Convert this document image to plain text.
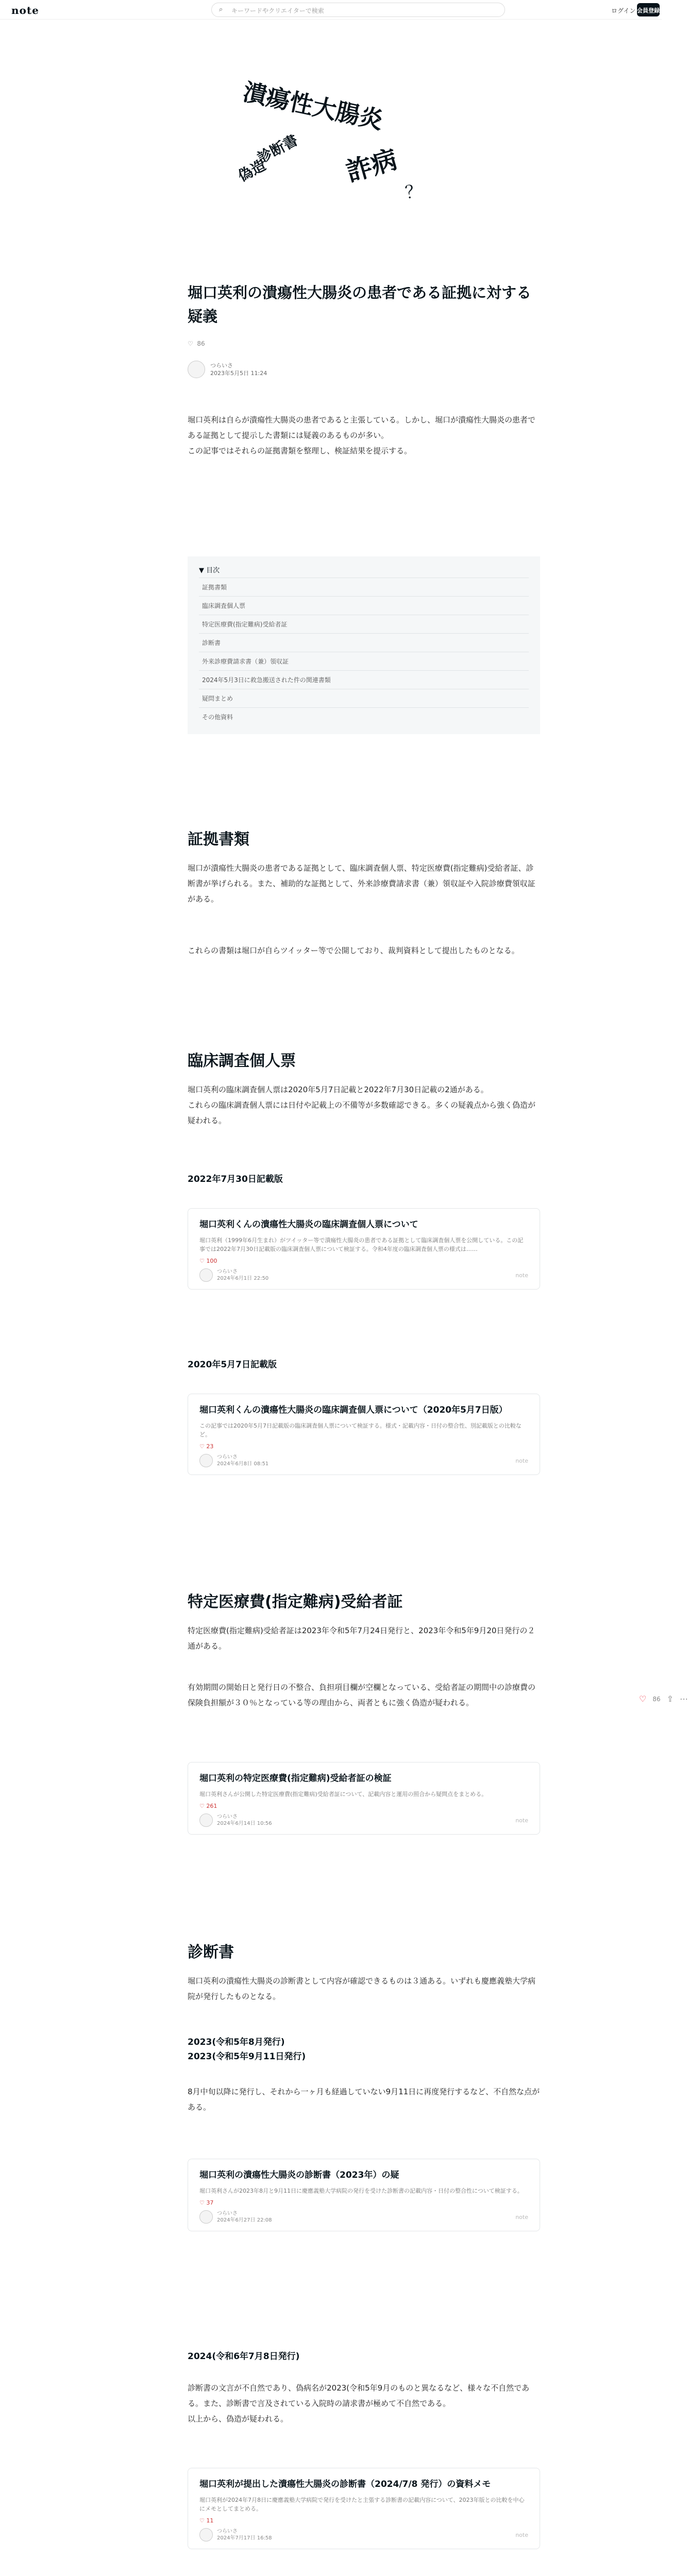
note	⌕ キーワードやクリエイターで検索	ログイン 会員登録
潰瘍性大腸炎
診断書
偽造	詐病
？
堀口英利の潰瘍性大腸炎の患者である証拠に対する疑義
♡ 86
つらいさ
2023年5月5日 11:24

堀口英利は自らが潰瘍性大腸炎の患者であると主張している。しかし、堀口が潰瘍性大腸炎の患者である証拠として提示した書類には疑義のあるものが多い。

この記事ではそれらの証拠書類を整理し、検証結果を提示する。

▼ 目次
証拠書類
臨床調査個人票
特定医療費(指定難病)受給者証
診断書
外来診療費請求書（兼）領収証
2024年5月3日に救急搬送された件の関連書類
疑問まとめ
その他資料
証拠書類

堀口が潰瘍性大腸炎の患者である証拠として、臨床調査個人票、特定医療費(指定難病)受給者証、診断書が挙げられる。また、補助的な証拠として、外来診療費請求書（兼）領収証や入院診療費領収証がある。

これらの書類は堀口が自らツイッター等で公開しており、裁判資料として提出したものとなる。

臨床調査個人票

堀口英利の臨床調査個人票は2020年5月7日記載と2022年7月30日記載の2通がある。

これらの臨床調査個人票には日付や記載上の不備等が多数確認できる。多くの疑義点から強く偽造が疑われる。

2022年7月30日記載版
堀口英利くんの潰瘍性大腸炎の臨床調査個人票について
堀口英利（1999年6月生まれ）がツイッター等で潰瘍性大腸炎の患者である証拠として臨床調査個人票を公開している。この記事では2022年7月30日記載版の臨床調査個人票について検証する。令和4年度の臨床調査個人票の様式は……
♡ 100
つらいさ
2024年6月1日 22:50	note
2020年5月7日記載版
堀口英利くんの潰瘍性大腸炎の臨床調査個人票について（2020年5月7日版）
この記事では2020年5月7日記載版の臨床調査個人票について検証する。様式・記載内容・日付の整合性、別記載版との比較など。
♡ 23
つらいさ
2024年6月8日 08:51	note
特定医療費(指定難病)受給者証

特定医療費(指定難病)受給者証は2023年令和5年7月24日発行と、2023年令和5年9月20日発行の２通がある。

有効期間の開始日と発行日の不整合、負担項目欄が空欄となっている、受給者証の期間中の診療費の保険負担額が３０％となっている等の理由から、両者ともに強く偽造が疑われる。

堀口英利の特定医療費(指定難病)受給者証の検証
堀口英利さんが公開した特定医療費(指定難病)受給者証について、記載内容と運用の照合から疑問点をまとめる。
♡ 261
つらいさ
2024年6月14日 10:56	note
診断書

堀口英利の潰瘍性大腸炎の診断書として内容が確認できるものは３通ある。いずれも慶應義塾大学病院が発行したものとなる。

2023(令和5年8月発行)
2023(令和5年9月11日発行)

8月中旬以降に発行し、それから一ヶ月も経過していない9月11日に再度発行するなど、不自然な点がある。

堀口英利の潰瘍性大腸炎の診断書（2023年）の疑
堀口英利さんが2023年8月と9月11日に慶應義塾大学病院の発行を受けた診断書の記載内容・日付の整合性について検証する。
♡ 37
つらいさ
2024年6月27日 22:08	note
2024(令和6年7月8日発行)

診断書の文言が不自然であり、偽病名が2023(令和5年9月のものと異なるなど、様々な不自然である。また、診断書で言及されている入院時の請求書が極めて不自然である。

以上から、偽造が疑われる。

堀口英利が提出した潰瘍性大腸炎の診断書（2024/7/8 発行）の資料メモ
堀口英利が2024年7月8日に慶應義塾大学病院で発行を受けたと主張する診断書の記載内容について、2023年版との比較を中心にメモとしてまとめる。
♡ 11
つらいさ
2024年7月17日 16:58	note

♡ 86 ⇪ ⋯
